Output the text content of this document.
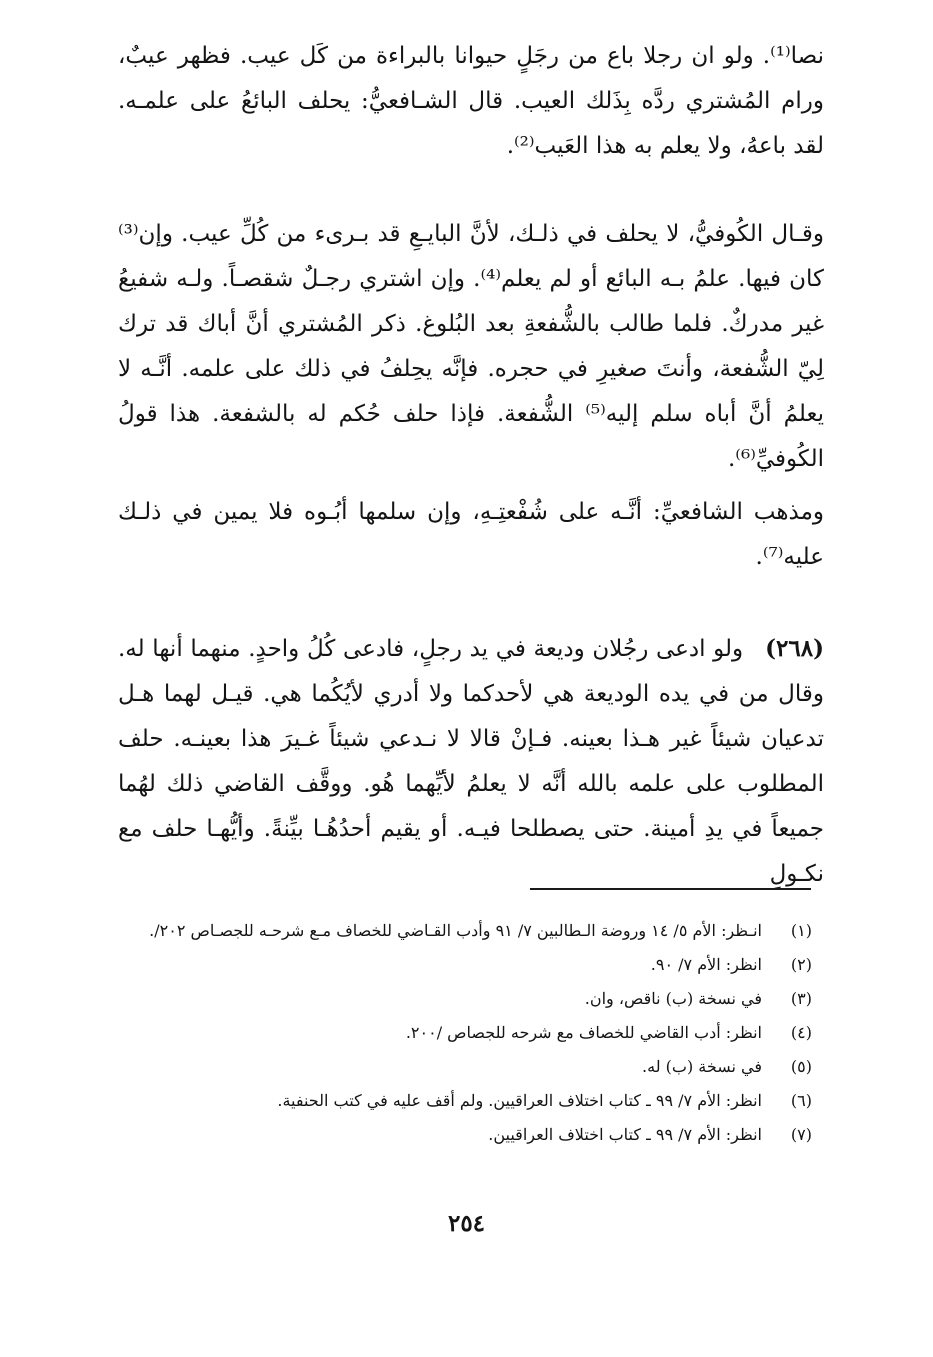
نصا⁽¹⁾. ولو ان رجلا باع من رجَلٍ حيوانا بالبراءة من كَل عيب. فظهر عيبٌ، ورام المُشتري ردَّه بِذَلك العيب. قال الشـافعيُّ: يحلف البائعُ على علمـه. لقد باعهُ، ولا يعلم به هذا العَيب⁽²⁾.

وقـال الكُوفيُّ، لا يحلف في ذلـك، لأنَّ البايـعِ قد بـرىء من كُلِّ عيب. وإن⁽³⁾ كان فيها. علمُ بـه البائع أو لم يعلم⁽⁴⁾. وإن اشتري رجـلٌ شقصـاً. ولـه شفيعُ غير مدركٌ. فلما طالب بالشُّفعةِ بعد البُلوغ. ذكر المُشتري أنَّ أباك قد ترك لِيّ الشُّفعة، وأنتَ صغيرِ في حجره. فإنَّه يحِلفُ في ذلك على علمه. أنَّـه لا يعلمُ أنَّ أباه سلم إليه⁽⁵⁾ الشُّفعة. فإذا حلف حُكم له بالشفعة. هذا قولُ الكُوفيِّ⁽⁶⁾.

ومذهب الشافعيِّ: أنَّـه على شُفْعتِـهِ، وإن سلمها أبُـوه فلا يمين في ذلـك عليه⁽⁷⁾.

(٢٦٨)ولو ادعى رجُلان وديعة في يد رجلٍ، فادعى كُلُ واحدٍ. منهما أنها له. وقال من في يده الوديعة هي لأحدكما ولا أدري لأيُكُما هي. قيـل لهما هـل تدعيان شيئاً غير هـذا بعينه. فـإنْ قالا لا نـدعي شيئاً غـيرَ هذا بعينـه. حلف المطلوب على علمه بالله أنَّه لا يعلمُ لأيِّهما هُو. ووقَّف القاضي ذلك لهُما جميعاً في يدِ أمينة. حتى يصطلحا فيـه. أو يقيم أحدُهُـا بيِّنةً. وأيُّهـا حلف مع نكـولِ

(١)
انـظر: الأم ٥/ ١٤ وروضة الـطالبين ٧/ ٩١ وأدب القـاضي للخصاف مـع شرحـه للجصـاص ٢٠٢/.
(٢)
انظر: الأم ٧/ ٩٠.
(٣)
في نسخة (ب) ناقص، وان.
(٤)
انظر: أدب القاضي للخصاف مع شرحه للجصاص /٢٠٠.
(٥)
في نسخة (ب) له.
(٦)
انظر: الأم ٧/ ٩٩ ـ كتاب اختلاف العراقيين. ولم أقف عليه في كتب الحنفية.
(٧)
انظر: الأم ٧/ ٩٩ ـ كتاب اختلاف العراقيين.
٢٥٤
